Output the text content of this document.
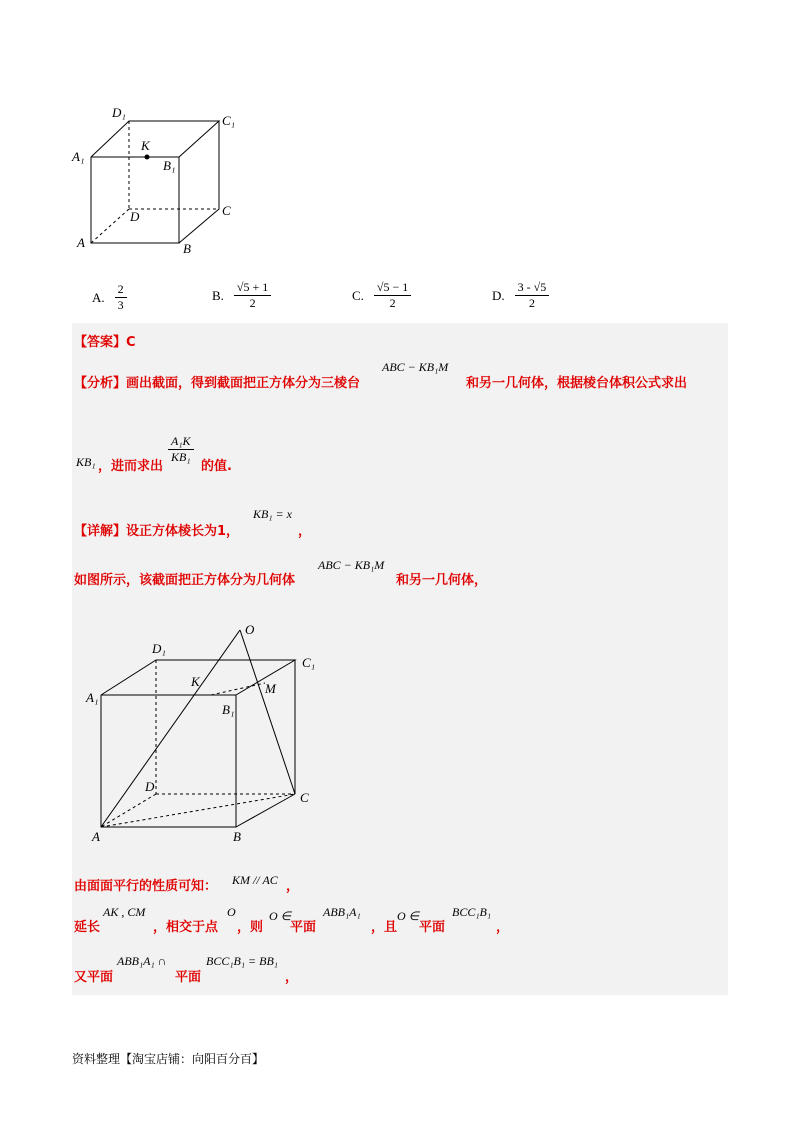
D₁
C₁
A₁
K
B₁
D	C
A	B
A. $\frac{2}{3}$	B. $\frac{√5 + 1}{2}$	C. $\frac{√5 - 1}{2}$	D. $\frac{3 - √5}{2}$
【答案】C
【分析】画出截面，得到截面把正方体分为三棱台
ABC − KB₁M
和另一几何体，根据棱台体积公式求出
KB₁ ，进而求出
$\frac{\text{A₁K}}{\text{KB₁}}$
的值.
【详解】设正方体棱长为1，
KB₁ = x
，
如图所示，该截面把正方体分为几何体
ABC − KB₁M
和另一几何体，
O
D₁
C₁
K	M
A₁
B₁
D
C
A	B
由面面平行的性质可知： KM // AC ，
延长
AK , CM
，相交于点
O
，则
O ∈
平面
ABB₁A₁
，且
O ∈
平面
BCC₁B₁
，
又平面
ABB₁A₁ ∩
平面
BCC₁B₁ = BB₁
，
资料整理【淘宝店铺：向阳百分百】
